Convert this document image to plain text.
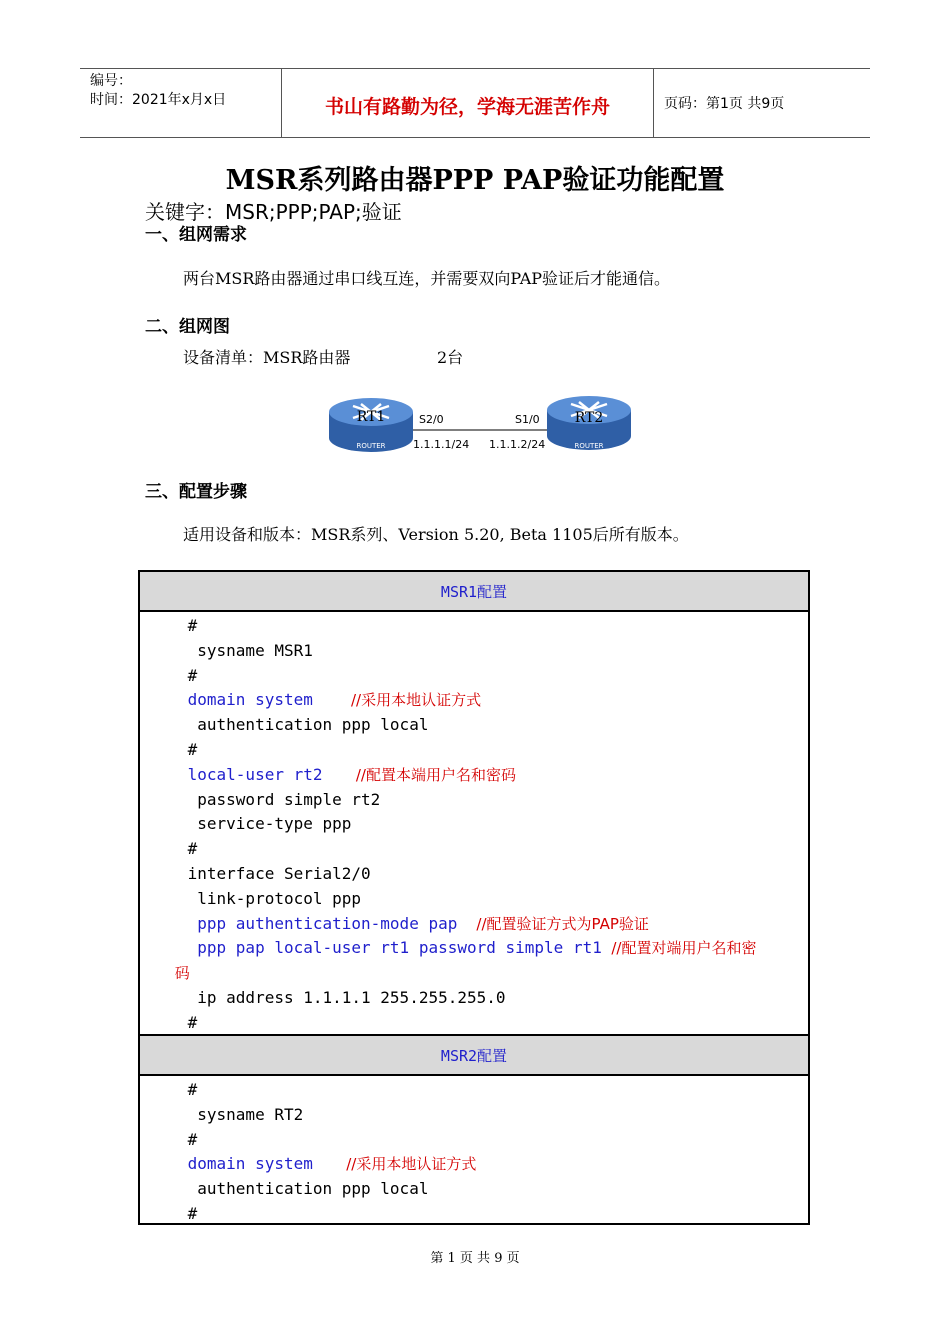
编号：
时间：2021年x月x日	书山有路勤为径，学海无涯苦作舟	页码：第1页 共9页
MSR系列路由器PPP PAP验证功能配置
关键字：MSR;PPP;PAP;验证
一、组网需求
两台MSR路由器通过串口线互连，并需要双向PAP验证后才能通信。
二、组网图
设备清单：MSR路由器	2台
RT1
ROUTER
RT2
ROUTER
S2/0	S1/0
1.1.1.1/24 1.1.1.2/24
三、配置步骤
适用设备和版本：MSR系列、Version 5.20, Beta 1105后所有版本。
MSR1配置
#
sysname MSR1
#
domain system        //采用本地认证方式
authentication ppp local
#
local-user rt2       //配置本端用户名和密码
password simple rt2
service-type ppp
#
interface Serial2/0
link-protocol ppp
ppp authentication-mode pap    //配置验证方式为PAP验证
ppp pap local-user rt1 password simple rt1  //配置对端用户名和密
码
ip address 1.1.1.1 255.255.255.0
#
MSR2配置
#
sysname RT2
#
domain system       //采用本地认证方式
authentication ppp local
#
第 1 页 共 9 页
